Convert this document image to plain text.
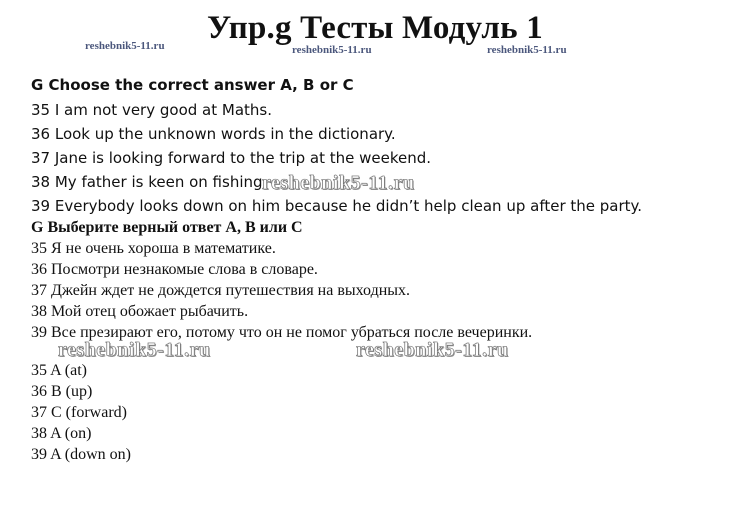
Упр.g Тесты Модуль 1
reshebnik5-11.ru	reshebnik5-11.ru	reshebnik5-11.ru
G Choose the correct answer A, B or C
35 I am not very good at Maths.
36 Look up the unknown words in the dictionary.
37 Jane is looking forward to the trip at the weekend.
38 My father is keen on fishing.
39 Everybody looks down on him because he didn’t help clean up after the party.
G Выберите верный ответ А, В или С
35 Я не очень хороша в математике.
36 Посмотри незнакомые слова в словаре.
37 Джейн ждет не дождется путешествия на выходных.
38 Мой отец обожает рыбачить.
39 Все презирают его, потому что он не помог убраться после вечеринки.
35 A (at)
36 B (up)
37 C (forward)
38 A (on)
39 A (down on)
reshebnik5-11.ru
reshebnik5-11.ru	reshebnik5-11.ru
